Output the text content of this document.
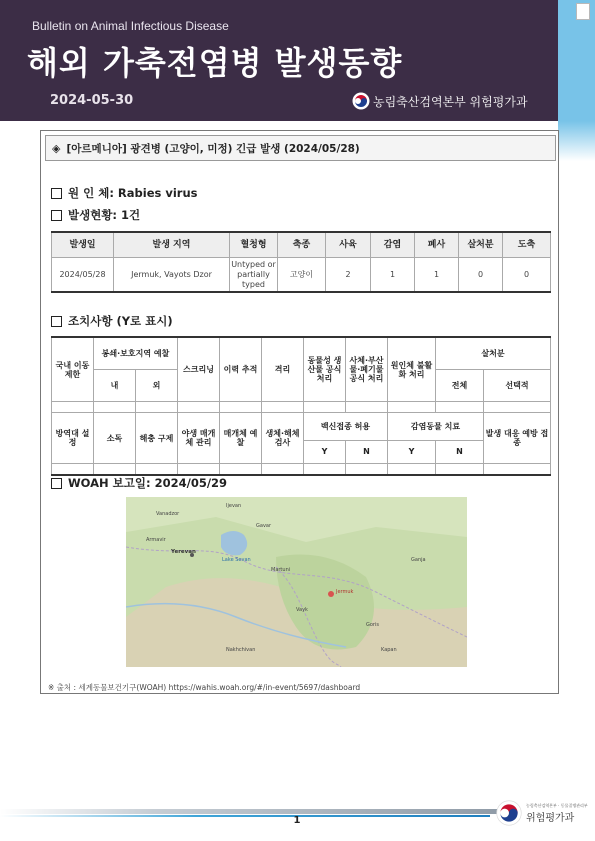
Bulletin on Animal Infectious Disease
해외 가축전염병 발생동향
2024-05-30	농림축산검역본부 위험평가과
◈ [아르메니아] 광견병 (고양이, 미정) 긴급 발생 (2024/05/28)
원 인 체: Rabies virus
발생현황: 1건
발생일	발생 지역	혈청형	축종	사육	감염	폐사	살처분	도축
2024/05/28	Jermuk, Vayots Dzor	Untyped or partially typed	고양이	2	1	1	0	0
조치사항 (Y로 표시)
국내 이동 제한	봉쇄·보호지역 예찰		스크리닝	이력 추적	격리	동물성 생산물 공식 처리	사체·부산물·폐기물 공식 처리	원인체 불활화 처리	살처분	
	내	외							전체	선택적	

방역대 설정	소독	해충 구제	야생 매개체 관리	매개체 예찰	생체·해체 검사	백신접종 허용		감염동물 치료		발생 대응 예방 접종	
						Y	N	Y	N		

WOAH 보고일: 2024/05/29
Ijevan
Vanadzor
Lake Sevan
Armavir
Yerevan
Gavar
Martuni
Vayk
Jermuk
Goris
Kapan
Ganja
Nakhchivan
※ 출처 : 세계동물보건기구(WOAH) https://wahis.woah.org/#/in-event/5697/dashboard
1
농림축산검역본부 · 동물질병관리부
위험평가과
